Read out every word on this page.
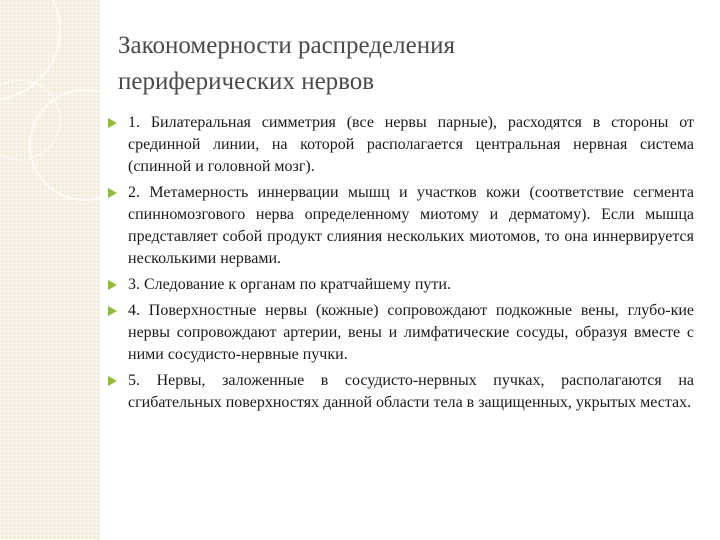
Закономерности распределения
периферических нервов
1. Билатеральная симметрия (все нервы парные), расходятся в стороны от срединной линии, на которой располагается центральная нервная система (спинной и головной мозг).
2. Метамерность иннервации мышц и участков кожи (соответствие сегмента спинномозгового нерва определенному миотому и дерматому). Если мышца представляет собой продукт слияния нескольких миотомов, то она иннервируется несколькими нервами.
3. Следование к органам по кратчайшему пути.
4. Поверхностные нервы (кожные) сопровождают подкожные вены, глубо-кие нервы сопровождают артерии, вены и лимфатические сосуды, образуя вместе с ними сосудисто-нервные пучки.
5. Нервы, заложенные в сосудисто-нервных пучках, располагаются на сгибательных поверхностях данной области тела в защищенных, укрытых местах.
